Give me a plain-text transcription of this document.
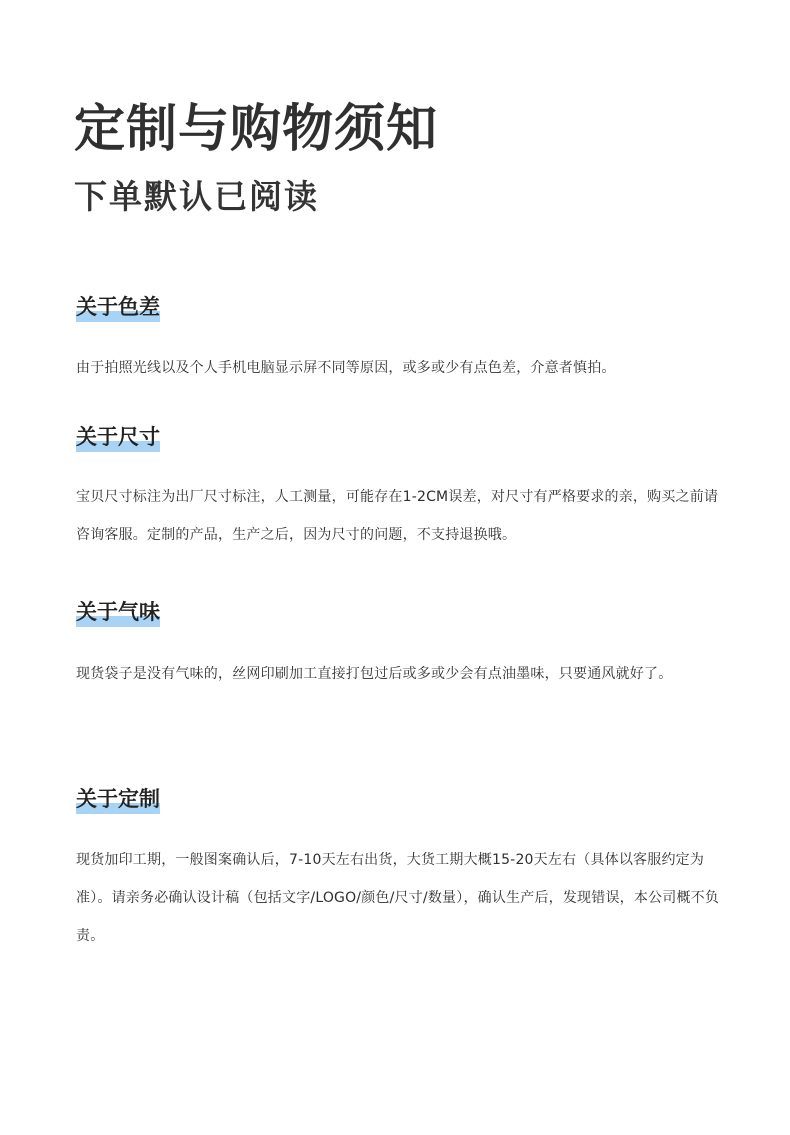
定制与购物须知
下单默认已阅读
关于色差

由于拍照光线以及个人手机电脑显示屏不同等原因，或多或少有点色差，介意者慎拍。

关于尺寸

宝贝尺寸标注为出厂尺寸标注，人工测量，可能存在1-2CM误差，对尺寸有严格要求的亲，购买之前请咨询客服。定制的产品，生产之后，因为尺寸的问题，不支持退换哦。

关于气味

现货袋子是没有气味的，丝网印刷加工直接打包过后或多或少会有点油墨味，只要通风就好了。

关于定制

现货加印工期，一般图案确认后，7-10天左右出货，大货工期大概15-20天左右（具体以客服约定为准）。请亲务必确认设计稿（包括文字/LOGO/颜色/尺寸/数量），确认生产后，发现错误，本公司概不负责。
